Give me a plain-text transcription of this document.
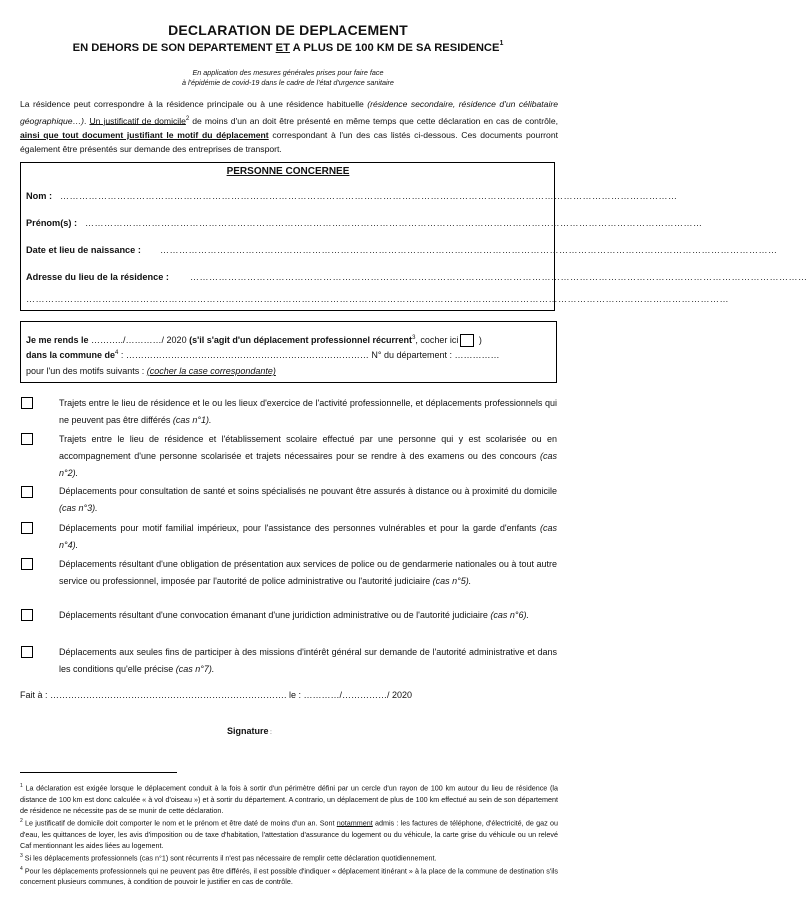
DECLARATION DE DEPLACEMENT
EN DEHORS DE SON DEPARTEMENT ET A PLUS DE 100 KM DE SA RESIDENCE$^1$
En application des mesures générales prises pour faire face
à l'épidémie de covid-19 dans le cadre de l'état d'urgence sanitaire
La résidence peut correspondre à la résidence principale ou à une résidence habituelle (résidence secondaire, résidence d'un célibataire géographique…). Un justificatif de domicile$^2$ de moins d'un an doit être présenté en même temps que cette déclaration en cas de contrôle, ainsi que tout document justifiant le motif du déplacement correspondant à l'un des cas listés ci-dessous. Ces documents pourront également être présentés sur demande des entreprises de transport.
PERSONNE CONCERNEE
Nom : ……………………………………………………………………………………………………………………………………………………………………………
Prénom(s) : ……………………………………………………………………………………………………………………………………………………………………………
Date et lieu de naissance : ……………………………………………………………………………………………………………………………………………………………………………
Adresse du lieu de la résidence : ……………………………………………………………………………………………………………………………………………………………………………
……………………………………………………………………………………………………………………………………………………………………………………………………
Je me rends le ………../…………/ 2020 (s'il s'agit d'un déplacement professionnel récurrent$^3$, cocher ici )
dans la commune $de^4$ : ……………………………………………………………………… N° du département : ……………
pour l'un des motifs suivants : (cocher la case correspondante)
Trajets entre le lieu de résidence et le ou les lieux d'exercice de l'activité professionnelle, et déplacements professionnels qui ne peuvent pas être différés (cas n°1).
Trajets entre le lieu de résidence et l'établissement scolaire effectué par une personne qui y est scolarisée ou en accompagnement d'une personne scolarisée et trajets nécessaires pour se rendre à des examens ou des concours (cas n°2).
Déplacements pour consultation de santé et soins spécialisés ne pouvant être assurés à distance ou à proximité du domicile (cas n°3).
Déplacements pour motif familial impérieux, pour l'assistance des personnes vulnérables et pour la garde d'enfants (cas n°4).
Déplacements résultant d'une obligation de présentation aux services de police ou de gendarmerie nationales ou à tout autre service ou professionnel, imposée par l'autorité de police administrative ou l'autorité judiciaire (cas n°5).
Déplacements résultant d'une convocation émanant d'une juridiction administrative ou de l'autorité judiciaire (cas n°6).
Déplacements aux seules fins de participer à des missions d'intérêt général sur demande de l'autorité administrative et dans les conditions qu'elle précise (cas n°7).
Fait à : ……………………………………………………………………. le : …………/……………/ 2020
Signature :

$^1$ La déclaration est exigée lorsque le déplacement conduit à la fois à sortir d'un périmètre défini par un cercle d'un rayon de 100 km autour du lieu de résidence (la distance de 100 km est donc calculée « à vol d'oiseau ») et à sortir du département. A contrario, un déplacement de plus de 100 km effectué au sein de son département de résidence ne nécessite pas de se munir de cette déclaration.

$^2$ Le justificatif de domicile doit comporter le nom et le prénom et être daté de moins d'un an. Sont notamment admis : les factures de téléphone, d'électricité, de gaz ou d'eau, les quittances de loyer, les avis d'imposition ou de taxe d'habitation, l'attestation d'assurance du logement ou du véhicule, la carte grise du véhicule ou un relevé Caf mentionnant les aides liées au logement.

$^3$ Si les déplacements professionnels (cas n°1) sont récurrents il n'est pas nécessaire de remplir cette déclaration quotidiennement.

$^4$ Pour les déplacements professionnels qui ne peuvent pas être différés, il est possible d'indiquer « déplacement itinérant » à la place de la commune de destination s'ils concernent plusieurs communes, à condition de pouvoir le justifier en cas de contrôle.
